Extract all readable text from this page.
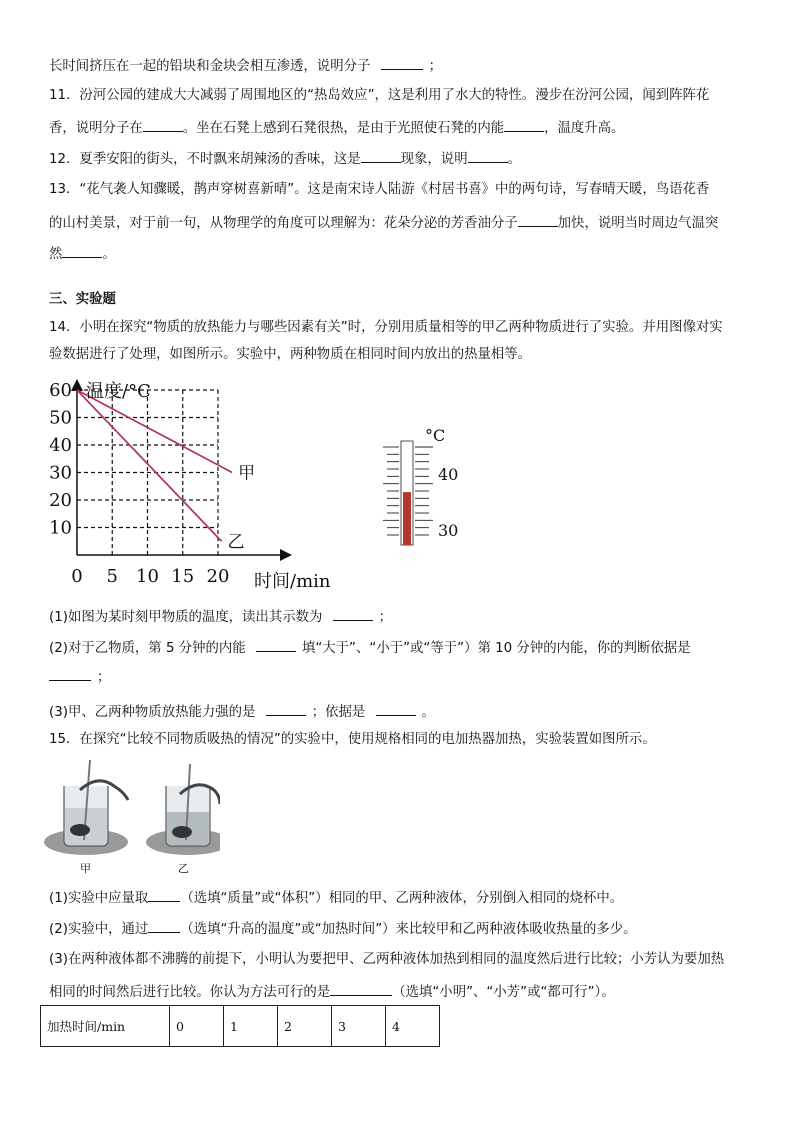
长时间挤压在一起的铅块和金块会相互渗透，说明分子	；
11．汾河公园的建成大大减弱了周围地区的“热岛效应”，这是利用了水大的特性。漫步在汾河公园，闻到阵阵花
香，说明分子在	。坐在石凳上感到石凳很热，是由于光照使石凳的内能	，温度升高。
12．夏季安阳的街头，不时飘来胡辣汤的香味，这是	现象，说明	。
13．“花气袭人知骤暖，鹊声穿树喜新晴”。这是南宋诗人陆游《村居书喜》中的两句诗，写春晴天暖，鸟语花香
的山村美景，对于前一句，从物理学的角度可以理解为：花朵分泌的芳香油分子	加快，说明当时周边气温突
然	。
三、实验题
14．小明在探究“物质的放热能力与哪些因素有关”时，分别用质量相等的甲乙两种物质进行了实验。并用图像对实
验数据进行了处理，如图所示。实验中，两种物质在相同时间内放出的热量相等。
甲
乙
0 5 10 15 20
10
20
30
40
50
60 温度/°C
时间/min
°C
40
30
(1)如图为某时刻甲物质的温度，读出其示数为	；
(2)对于乙物质，第 5 分钟的内能	填“大于”、“小于”或“等于”）第 10 分钟的内能，你的判断依据是
；
(3)甲、乙两种物质放热能力强的是	；依据是	。
15．在探究“比较不同物质吸热的情况”的实验中，使用规格相同的电加热器加热，实验装置如图所示。
甲	乙
(1)实验中应量取 （选填“质量”或“体积”）相同的甲、乙两种液体，分别倒入相同的烧杯中。
(2)实验中，通过 （选填“升高的温度”或“加热时间”）来比较甲和乙两种液体吸收热量的多少。
(3)在两种液体都不沸腾的前提下，小明认为要把甲、乙两种液体加热到相同的温度然后进行比较；小芳认为要加热
相同的时间然后进行比较。你认为方法可行的是	（选填“小明”、“小芳”或“都可行”）。
加热时间/min	0	1	2	3	4
